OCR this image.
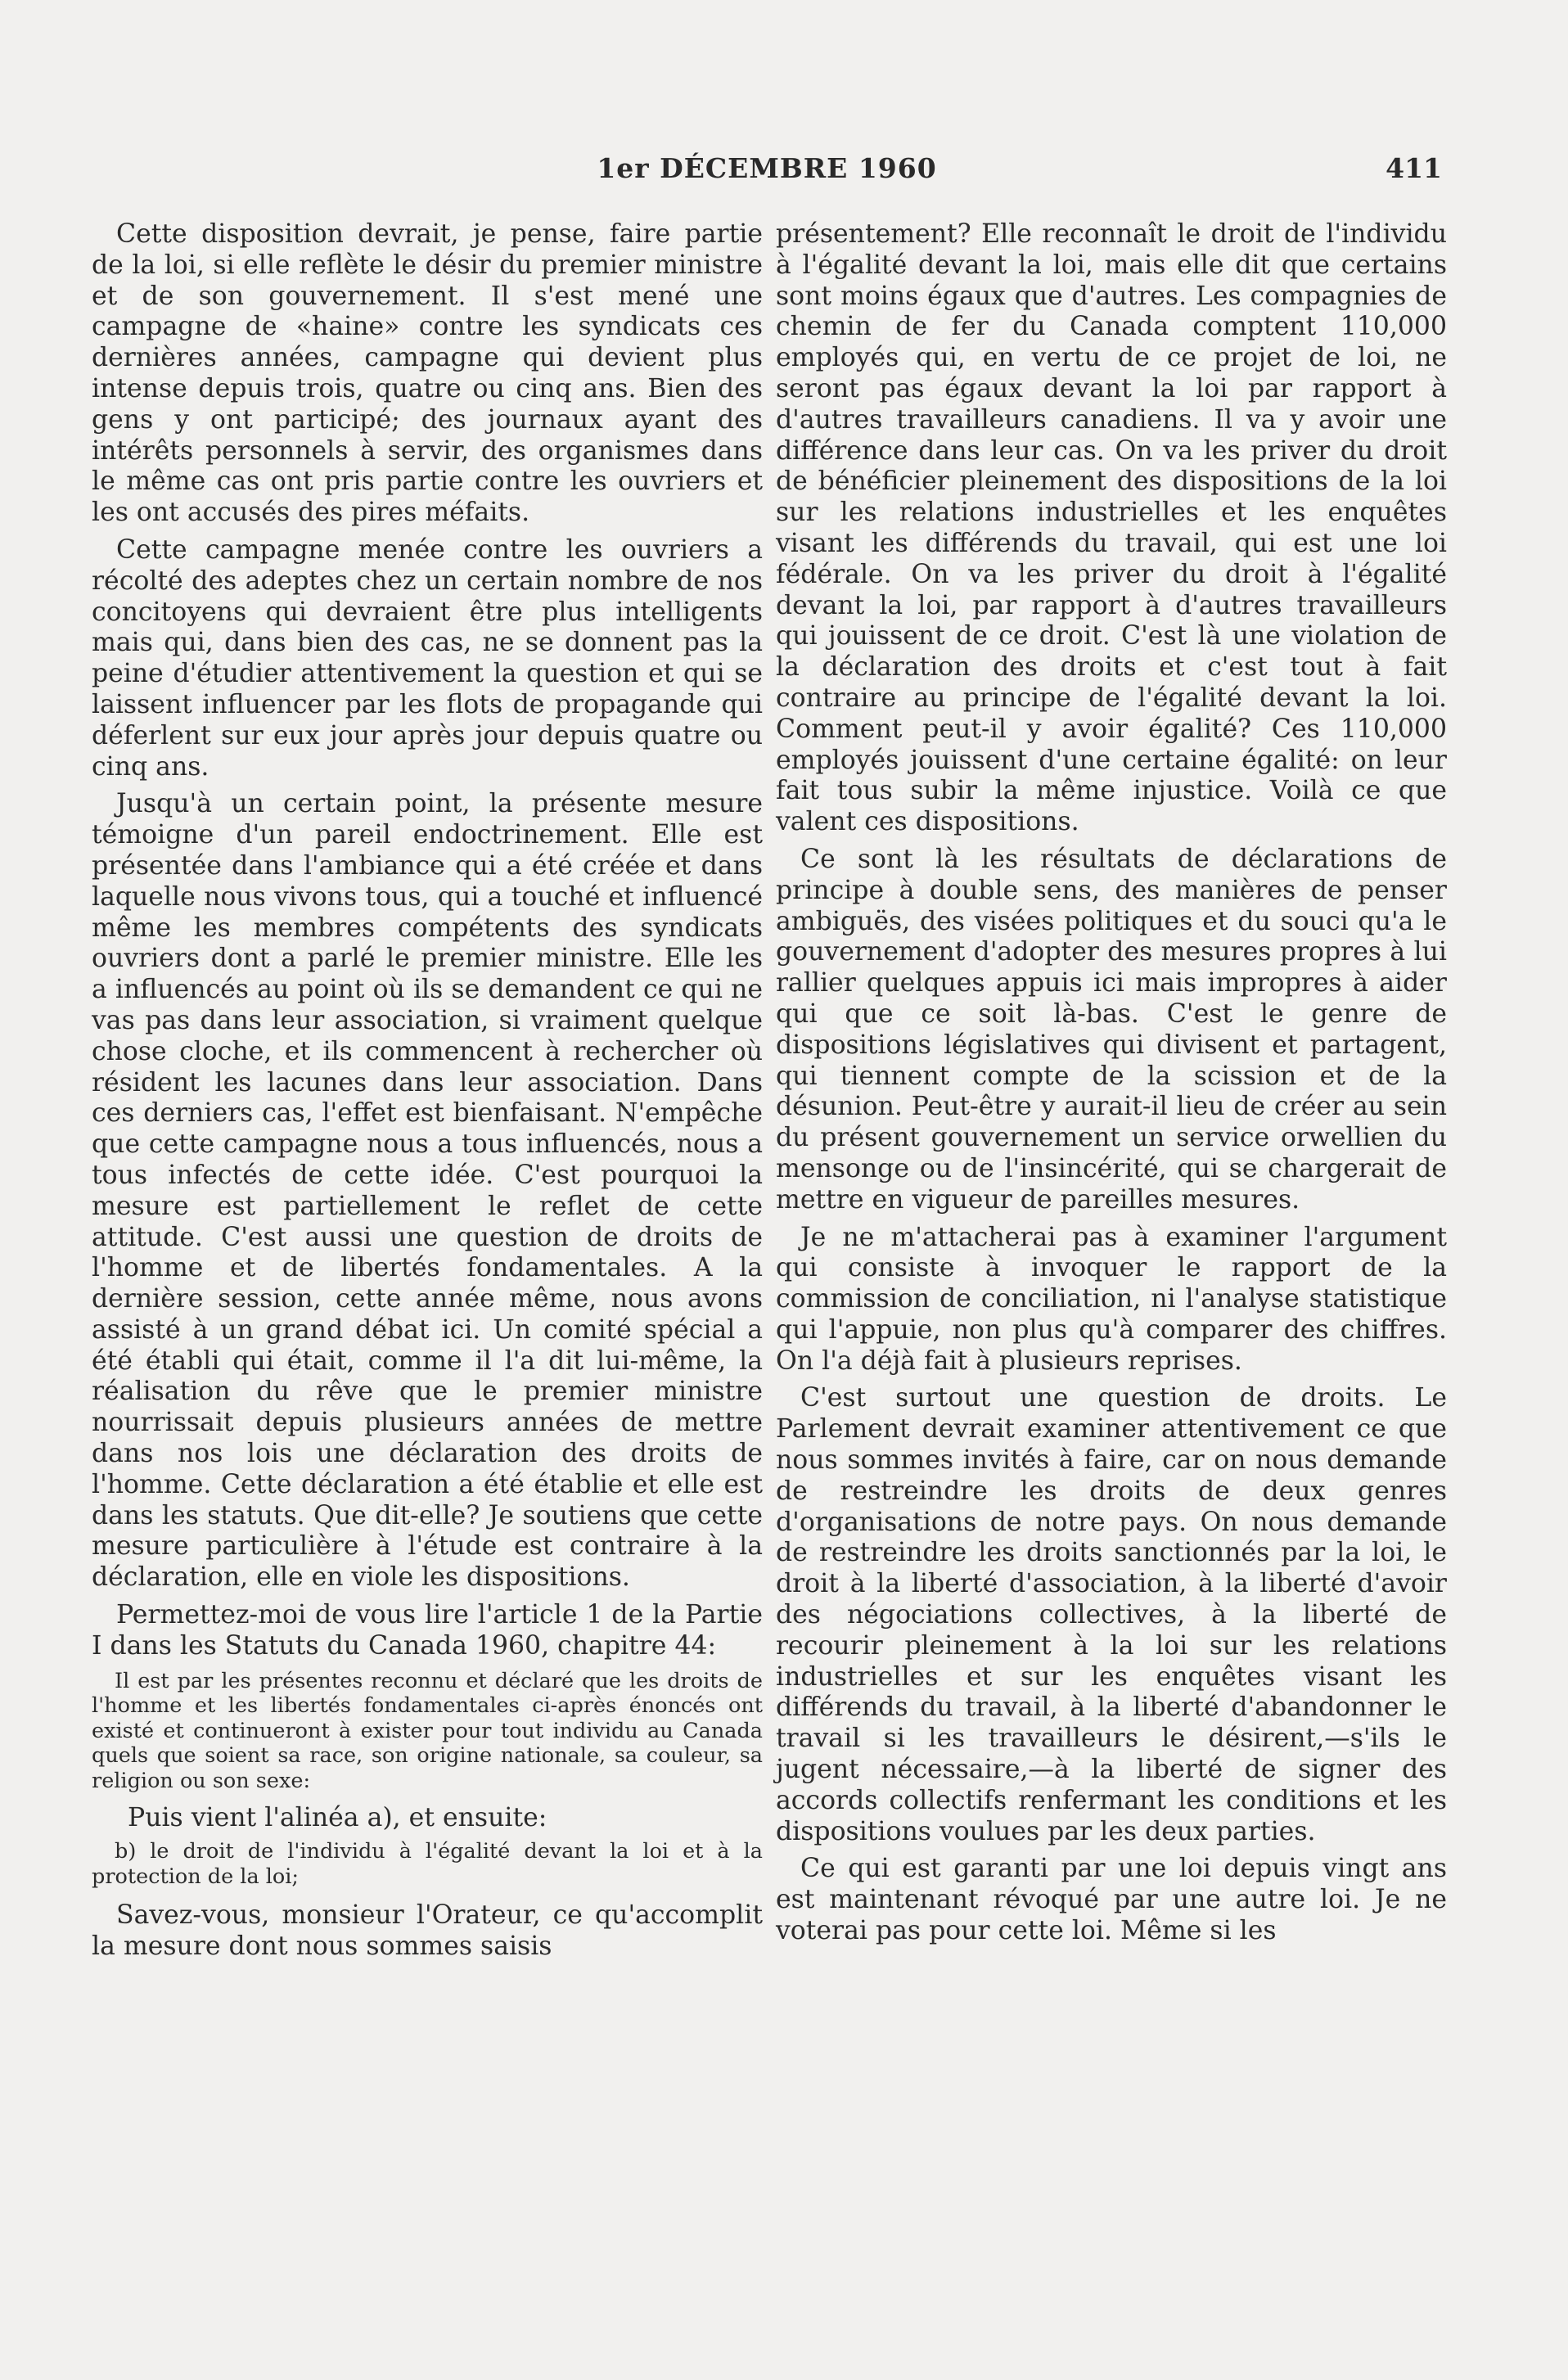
1er DÉCEMBRE 1960	411

Cette disposition devrait, je pense, faire partie de la loi, si elle reflète le désir du premier ministre et de son gouvernement. Il s'est mené une campagne de «haine» contre les syndicats ces dernières années, campagne qui devient plus intense depuis trois, quatre ou cinq ans. Bien des gens y ont participé; des journaux ayant des intérêts personnels à servir, des organismes dans le même cas ont pris partie contre les ouvriers et les ont accusés des pires méfaits.

Cette campagne menée contre les ouvriers a récolté des adeptes chez un certain nombre de nos concitoyens qui devraient être plus intelligents mais qui, dans bien des cas, ne se donnent pas la peine d'étudier attentivement la question et qui se laissent influencer par les flots de propagande qui déferlent sur eux jour après jour depuis quatre ou cinq ans.

Jusqu'à un certain point, la présente mesure témoigne d'un pareil endoctrinement. Elle est présentée dans l'ambiance qui a été créée et dans laquelle nous vivons tous, qui a touché et influencé même les membres compétents des syndicats ouvriers dont a parlé le premier ministre. Elle les a influencés au point où ils se demandent ce qui ne vas pas dans leur association, si vraiment quelque chose cloche, et ils commencent à rechercher où résident les lacunes dans leur association. Dans ces derniers cas, l'effet est bienfaisant. N'empêche que cette campagne nous a tous influencés, nous a tous infectés de cette idée. C'est pourquoi la mesure est partiellement le reflet de cette attitude. C'est aussi une question de droits de l'homme et de libertés fondamentales. A la dernière session, cette année même, nous avons assisté à un grand débat ici. Un comité spécial a été établi qui était, comme il l'a dit lui-même, la réalisation du rêve que le premier ministre nourrissait depuis plusieurs années de mettre dans nos lois une déclaration des droits de l'homme. Cette déclaration a été établie et elle est dans les statuts. Que dit-elle? Je soutiens que cette mesure particulière à l'étude est contraire à la déclaration, elle en viole les dispositions.

Permettez-moi de vous lire l'article 1 de la Partie I dans les Statuts du Canada 1960, chapitre 44:

Il est par les présentes reconnu et déclaré que les droits de l'homme et les libertés fondamentales ci-après énoncés ont existé et continueront à exister pour tout individu au Canada quels que soient sa race, son origine nationale, sa couleur, sa religion ou son sexe:

Puis vient l'alinéa a), et ensuite:

b) le droit de l'individu à l'égalité devant la loi et à la protection de la loi;

Savez-vous, monsieur l'Orateur, ce qu'accomplit la mesure dont nous sommes saisis

présentement? Elle reconnaît le droit de l'individu à l'égalité devant la loi, mais elle dit que certains sont moins égaux que d'autres. Les compagnies de chemin de fer du Canada comptent 110,000 employés qui, en vertu de ce projet de loi, ne seront pas égaux devant la loi par rapport à d'autres travailleurs canadiens. Il va y avoir une différence dans leur cas. On va les priver du droit de bénéficier pleinement des dispositions de la loi sur les relations industrielles et les enquêtes visant les différends du travail, qui est une loi fédérale. On va les priver du droit à l'égalité devant la loi, par rapport à d'autres travailleurs qui jouissent de ce droit. C'est là une violation de la déclaration des droits et c'est tout à fait contraire au principe de l'égalité devant la loi. Comment peut-il y avoir égalité? Ces 110,000 employés jouissent d'une certaine égalité: on leur fait tous subir la même injustice. Voilà ce que valent ces dispositions.

Ce sont là les résultats de déclarations de principe à double sens, des manières de penser ambiguës, des visées politiques et du souci qu'a le gouvernement d'adopter des mesures propres à lui rallier quelques appuis ici mais impropres à aider qui que ce soit là-bas. C'est le genre de dispositions législatives qui divisent et partagent, qui tiennent compte de la scission et de la désunion. Peut-être y aurait-il lieu de créer au sein du présent gouvernement un service orwellien du mensonge ou de l'insincérité, qui se chargerait de mettre en vigueur de pareilles mesures.

Je ne m'attacherai pas à examiner l'argument qui consiste à invoquer le rapport de la commission de conciliation, ni l'analyse statistique qui l'appuie, non plus qu'à comparer des chiffres. On l'a déjà fait à plusieurs reprises.

C'est surtout une question de droits. Le Parlement devrait examiner attentivement ce que nous sommes invités à faire, car on nous demande de restreindre les droits de deux genres d'organisations de notre pays. On nous demande de restreindre les droits sanctionnés par la loi, le droit à la liberté d'association, à la liberté d'avoir des négociations collectives, à la liberté de recourir pleinement à la loi sur les relations industrielles et sur les enquêtes visant les différends du travail, à la liberté d'abandonner le travail si les travailleurs le désirent,—s'ils le jugent nécessaire,—à la liberté de signer des accords collectifs renfermant les conditions et les dispositions voulues par les deux parties.

Ce qui est garanti par une loi depuis vingt ans est maintenant révoqué par une autre loi. Je ne voterai pas pour cette loi. Même si les
